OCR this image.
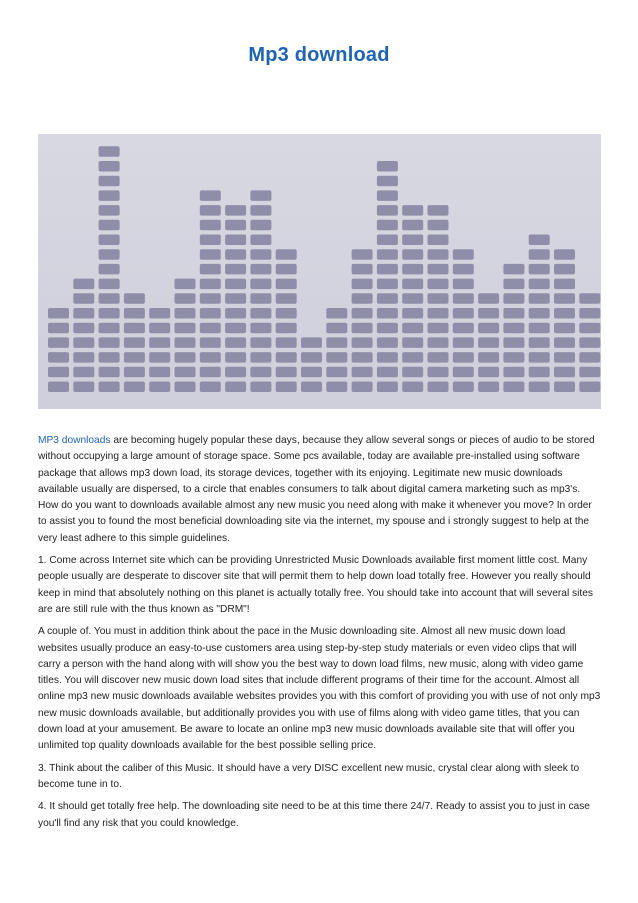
Mp3 download

MP3 downloads are becoming hugely popular these days, because they allow several songs or pieces of audio to be stored without occupying a large amount of storage space. Some pcs available, today are available pre-installed using software package that allows mp3 down load, its storage devices, together with its enjoying. Legitimate new music downloads available usually are dispersed, to a circle that enables consumers to talk about digital camera marketing such as mp3's. How do you want to downloads available almost any new music you need along with make it whenever you move? In order to assist you to found the most beneficial downloading site via the internet, my spouse and i strongly suggest to help at the very least adhere to this simple guidelines.

1. Come across Internet site which can be providing Unrestricted Music Downloads available first moment little cost. Many people usually are desperate to discover site that will permit them to help down load totally free. However you really should keep in mind that absolutely nothing on this planet is actually totally free. You should take into account that will several sites are are still rule with the thus known as "DRM"!

A couple of. You must in addition think about the pace in the Music downloading site. Almost all new music down load websites usually produce an easy-to-use customers area using step-by-step study materials or even video clips that will carry a person with the hand along with will show you the best way to down load films, new music, along with video game titles. You will discover new music down load sites that include different programs of their time for the account. Almost all online mp3 new music downloads available websites provides you with this comfort of providing you with use of not only mp3 new music downloads available, but additionally provides you with use of films along with video game titles, that you can down load at your amusement. Be aware to locate an online mp3 new music downloads available site that will offer you unlimited top quality downloads available for the best possible selling price.

3. Think about the caliber of this Music. It should have a very DISC excellent new music, crystal clear along with sleek to become tune in to.

4. It should get totally free help. The downloading site need to be at this time there 24/7. Ready to assist you to just in case you'll find any risk that you could knowledge.
